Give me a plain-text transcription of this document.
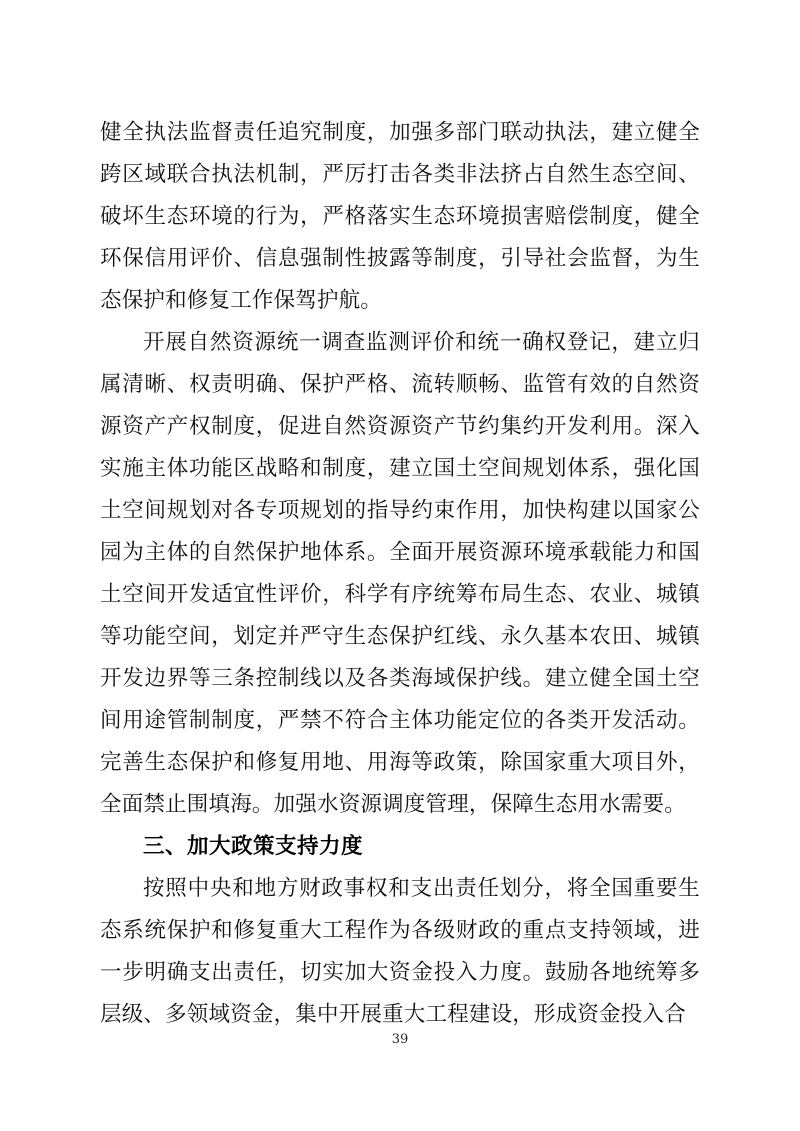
健全执法监督责任追究制度，加强多部门联动执法，建立健全跨区域联合执法机制，严厉打击各类非法挤占自然生态空间、破坏生态环境的行为，严格落实生态环境损害赔偿制度，健全环保信用评价、信息强制性披露等制度，引导社会监督，为生态保护和修复工作保驾护航。

开展自然资源统一调查监测评价和统一确权登记，建立归属清晰、权责明确、保护严格、流转顺畅、监管有效的自然资源资产产权制度，促进自然资源资产节约集约开发利用。深入实施主体功能区战略和制度，建立国土空间规划体系，强化国土空间规划对各专项规划的指导约束作用，加快构建以国家公园为主体的自然保护地体系。全面开展资源环境承载能力和国土空间开发适宜性评价，科学有序统筹布局生态、农业、城镇等功能空间，划定并严守生态保护红线、永久基本农田、城镇开发边界等三条控制线以及各类海域保护线。建立健全国土空间用途管制制度，严禁不符合主体功能定位的各类开发活动。完善生态保护和修复用地、用海等政策，除国家重大项目外，全面禁止围填海。加强水资源调度管理，保障生态用水需要。

三、加大政策支持力度

按照中央和地方财政事权和支出责任划分，将全国重要生态系统保护和修复重大工程作为各级财政的重点支持领域，进一步明确支出责任，切实加大资金投入力度。鼓励各地统筹多层级、多领域资金，集中开展重大工程建设，形成资金投入合

39
